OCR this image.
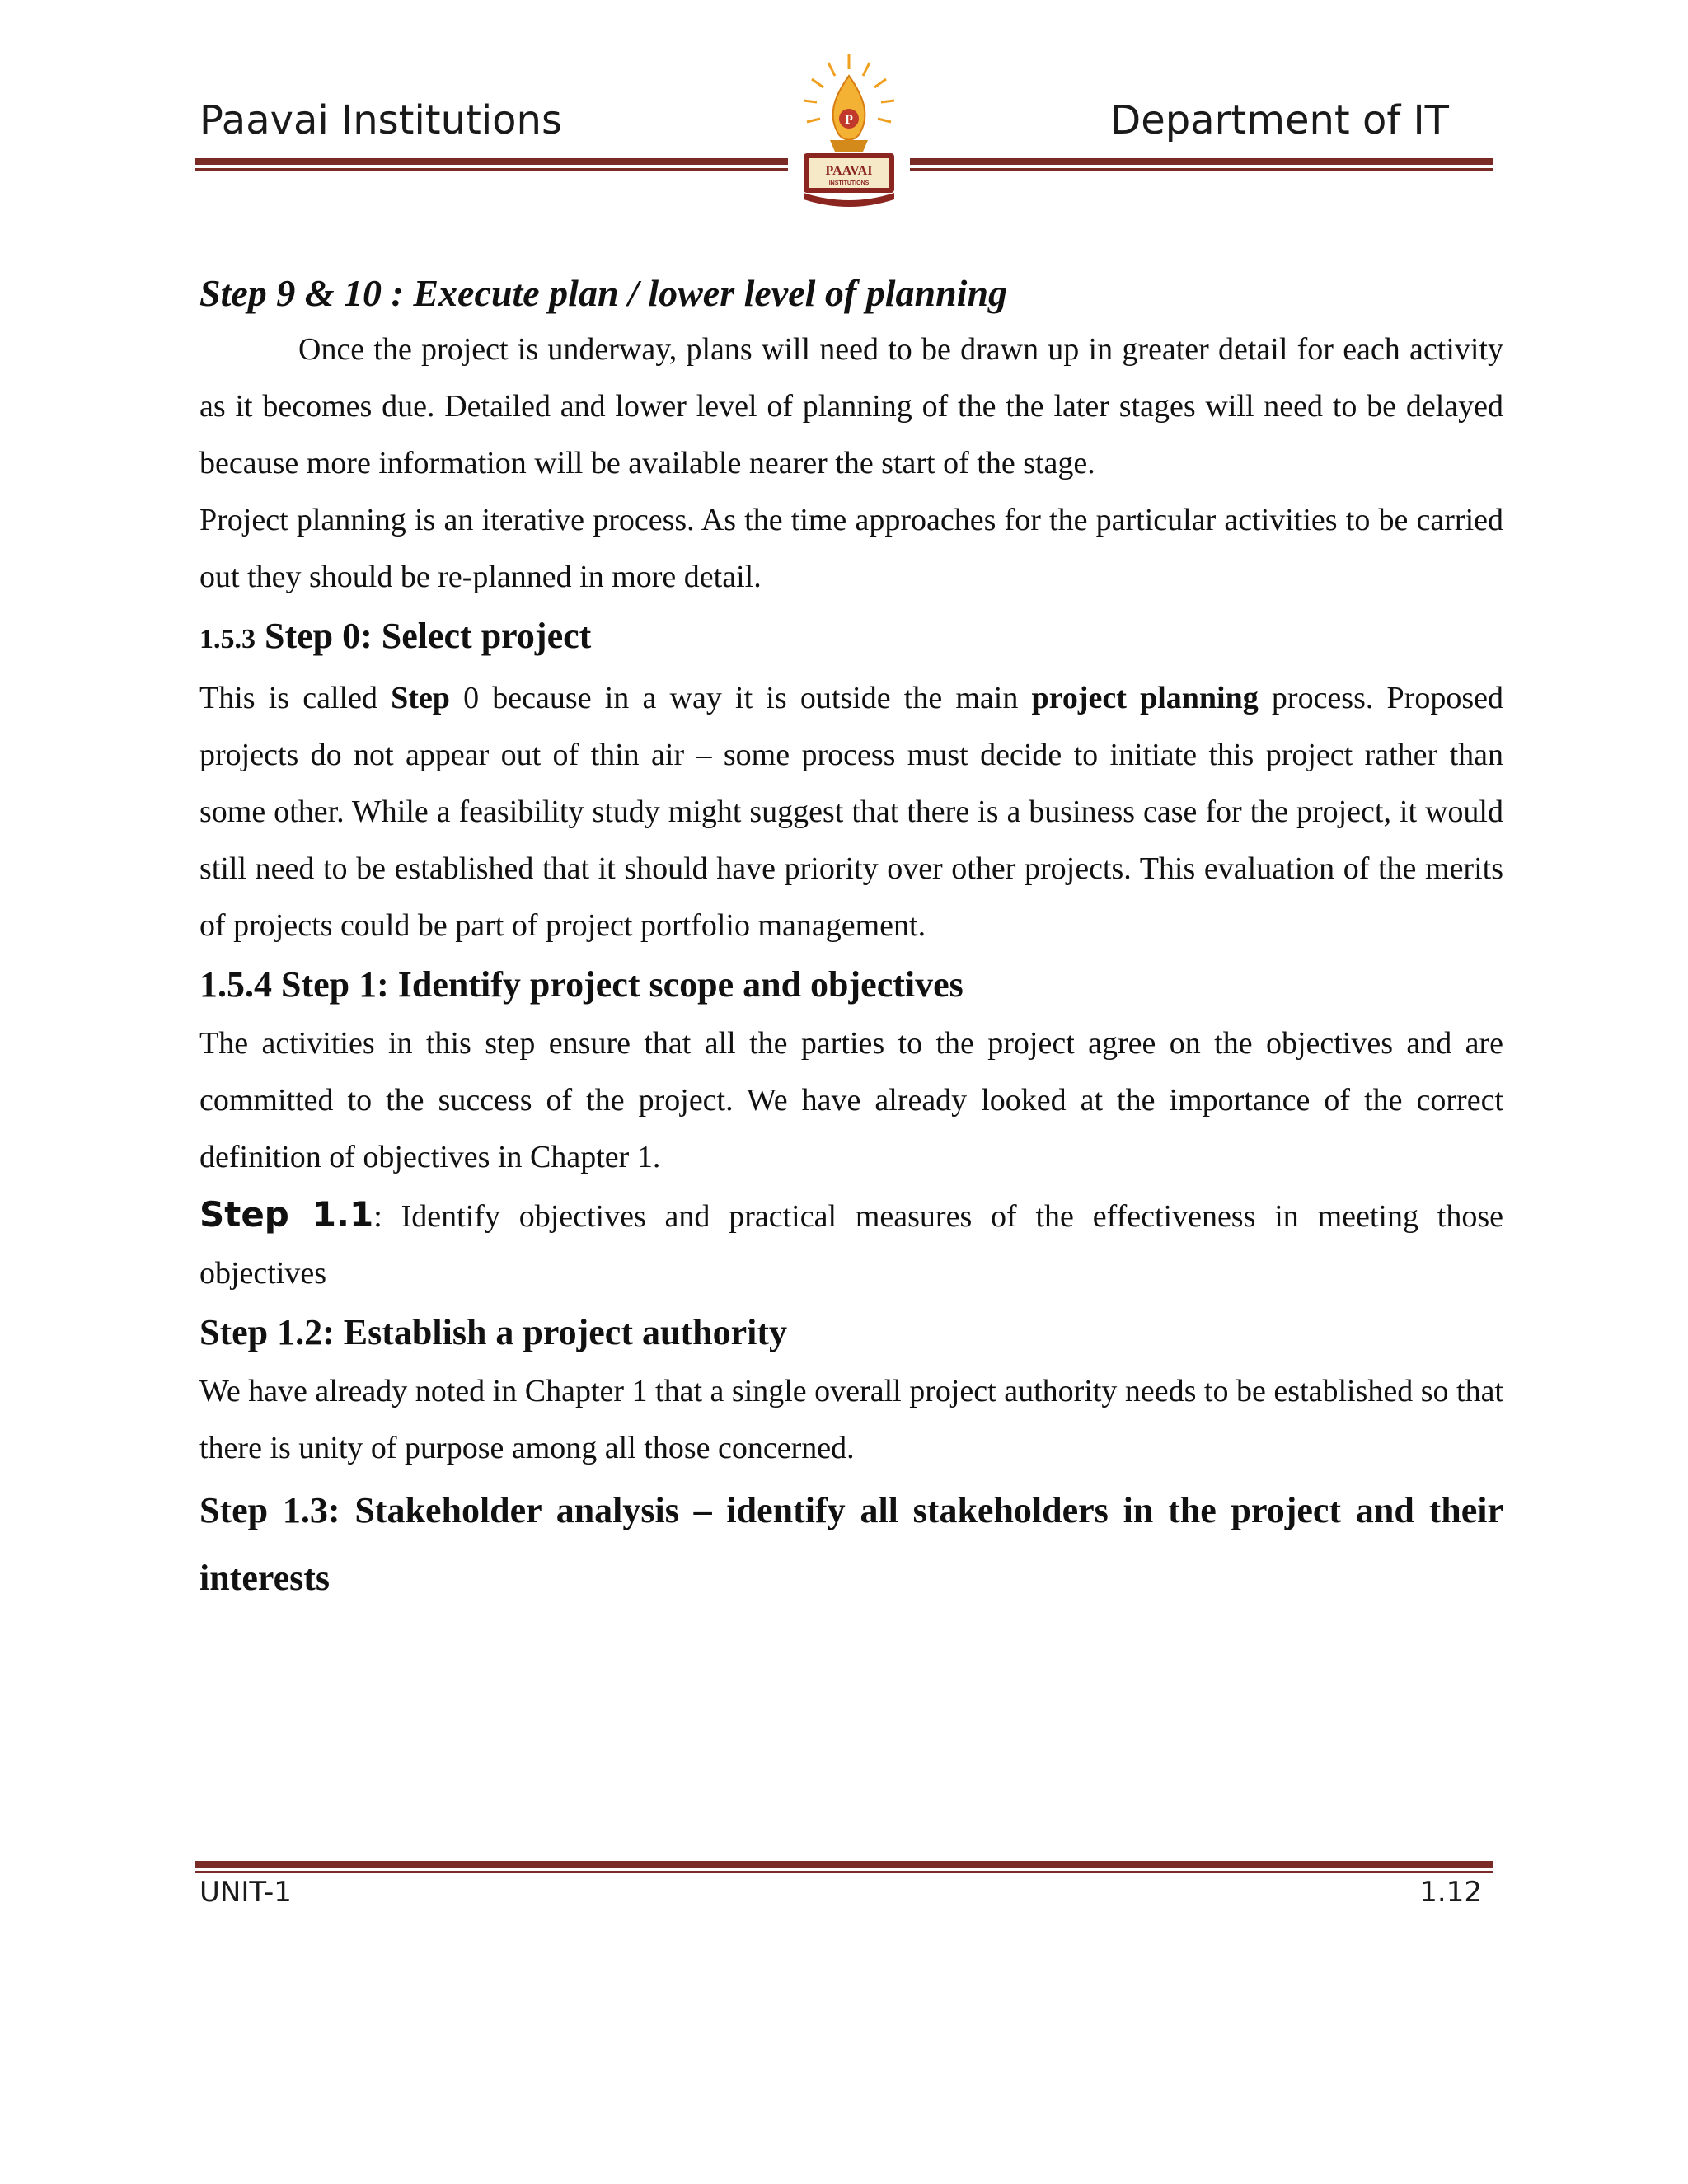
Paavai Institutions	Department of IT
P
PAAVAI
INSTITUTIONS

Step 9 & 10 : Execute plan / lower level of planning

Once the project is underway, plans will need to be drawn up in greater detail for each activity as it becomes due. Detailed and lower level of planning of the the later stages will need to be delayed because more information will be available nearer the start of the stage.

Project planning is an iterative process. As the time approaches for the particular activities to be carried out they should be re-planned in more detail.

1.5.3 Step 0: Select project

This is called Step 0 because in a way it is outside the main project planning process. Proposed projects do not appear out of thin air – some process must decide to initiate this project rather than some other. While a feasibility study might suggest that there is a business case for the project, it would still need to be established that it should have priority over other projects. This evaluation of the merits of projects could be part of project portfolio management.

1.5.4 Step 1: Identify project scope and objectives

The activities in this step ensure that all the parties to the project agree on the objectives and are committed to the success of the project. We have already looked at the importance of the correct definition of objectives in Chapter 1.

Step 1.1: Identify objectives and practical measures of the effectiveness in meeting those objectives

Step 1.2: Establish a project authority

We have already noted in Chapter 1 that a single overall project authority needs to be established so that there is unity of purpose among all those concerned.

Step 1.3: Stakeholder analysis – identify all stakeholders in the project and their interests

UNIT-1	1.12
